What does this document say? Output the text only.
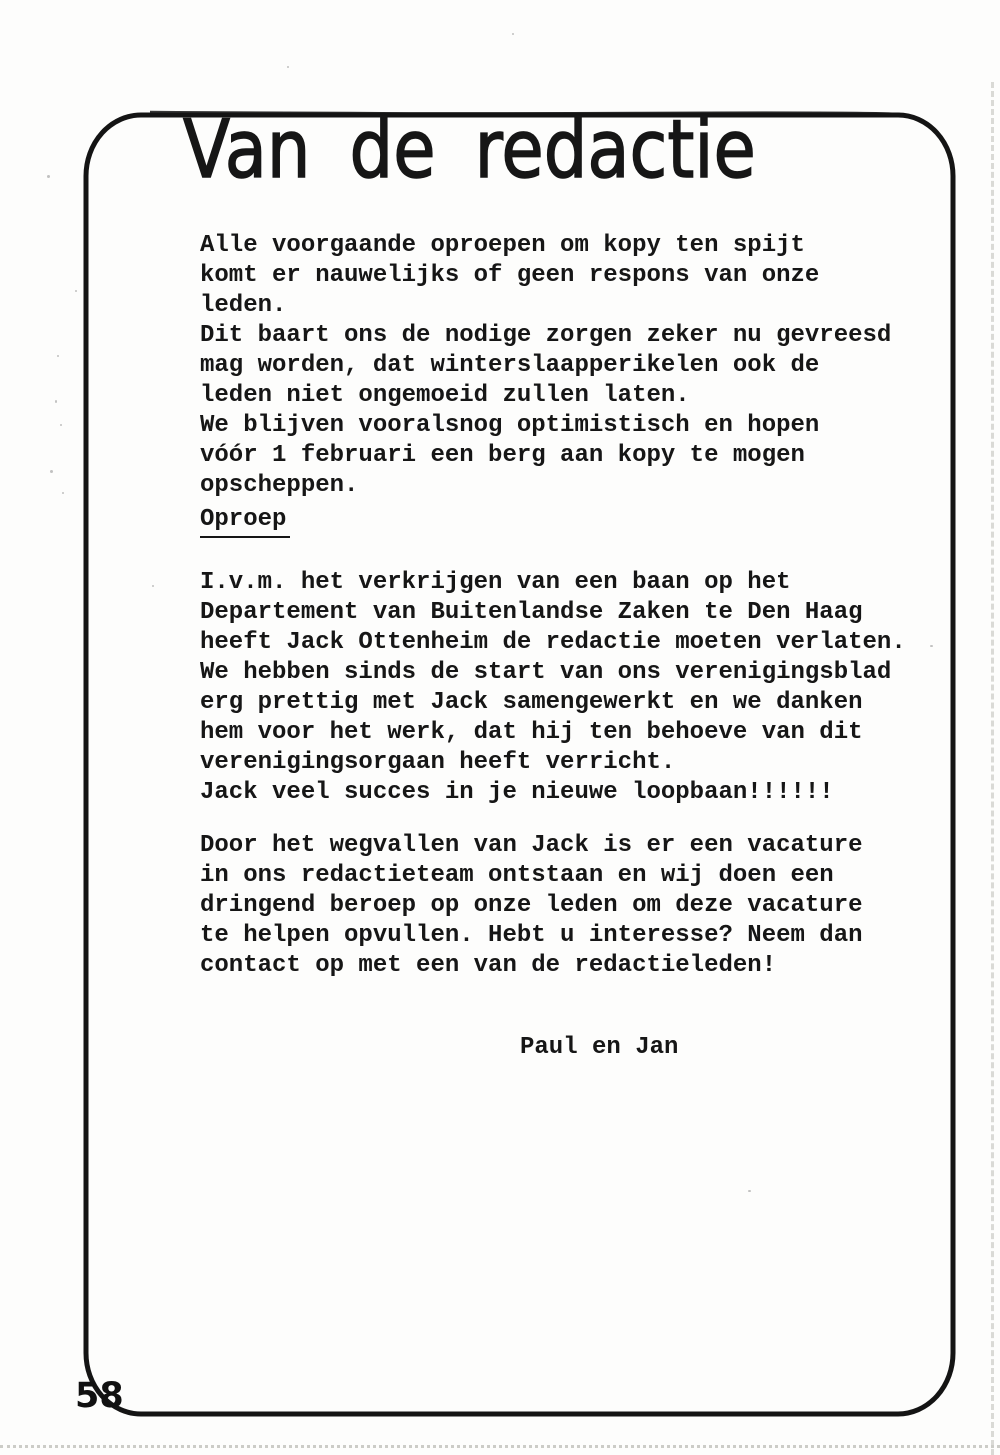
Van de redactie
Alle voorgaande oproepen om kopy ten spijt
komt er nauwelijks of geen respons van onze
leden.
Dit baart ons de nodige zorgen zeker nu gevreesd
mag worden, dat winterslaapperikelen ook de
leden niet ongemoeid zullen laten.
We blijven vooralsnog optimistisch en hopen
vóór 1 februari een berg aan kopy te mogen
opscheppen.
Oproep
I.v.m. het verkrijgen van een baan op het
Departement van Buitenlandse Zaken te Den Haag
heeft Jack Ottenheim de redactie moeten verlaten.
We hebben sinds de start van ons verenigingsblad
erg prettig met Jack samengewerkt en we danken
hem voor het werk, dat hij ten behoeve van dit
verenigingsorgaan heeft verricht.
Jack veel succes in je nieuwe loopbaan!!!!!!
Door het wegvallen van Jack is er een vacature
in ons redactieteam ontstaan en wij doen een
dringend beroep op onze leden om deze vacature
te helpen opvullen. Hebt u interesse? Neem dan
contact op met een van de redactieleden!
Paul en Jan
58
